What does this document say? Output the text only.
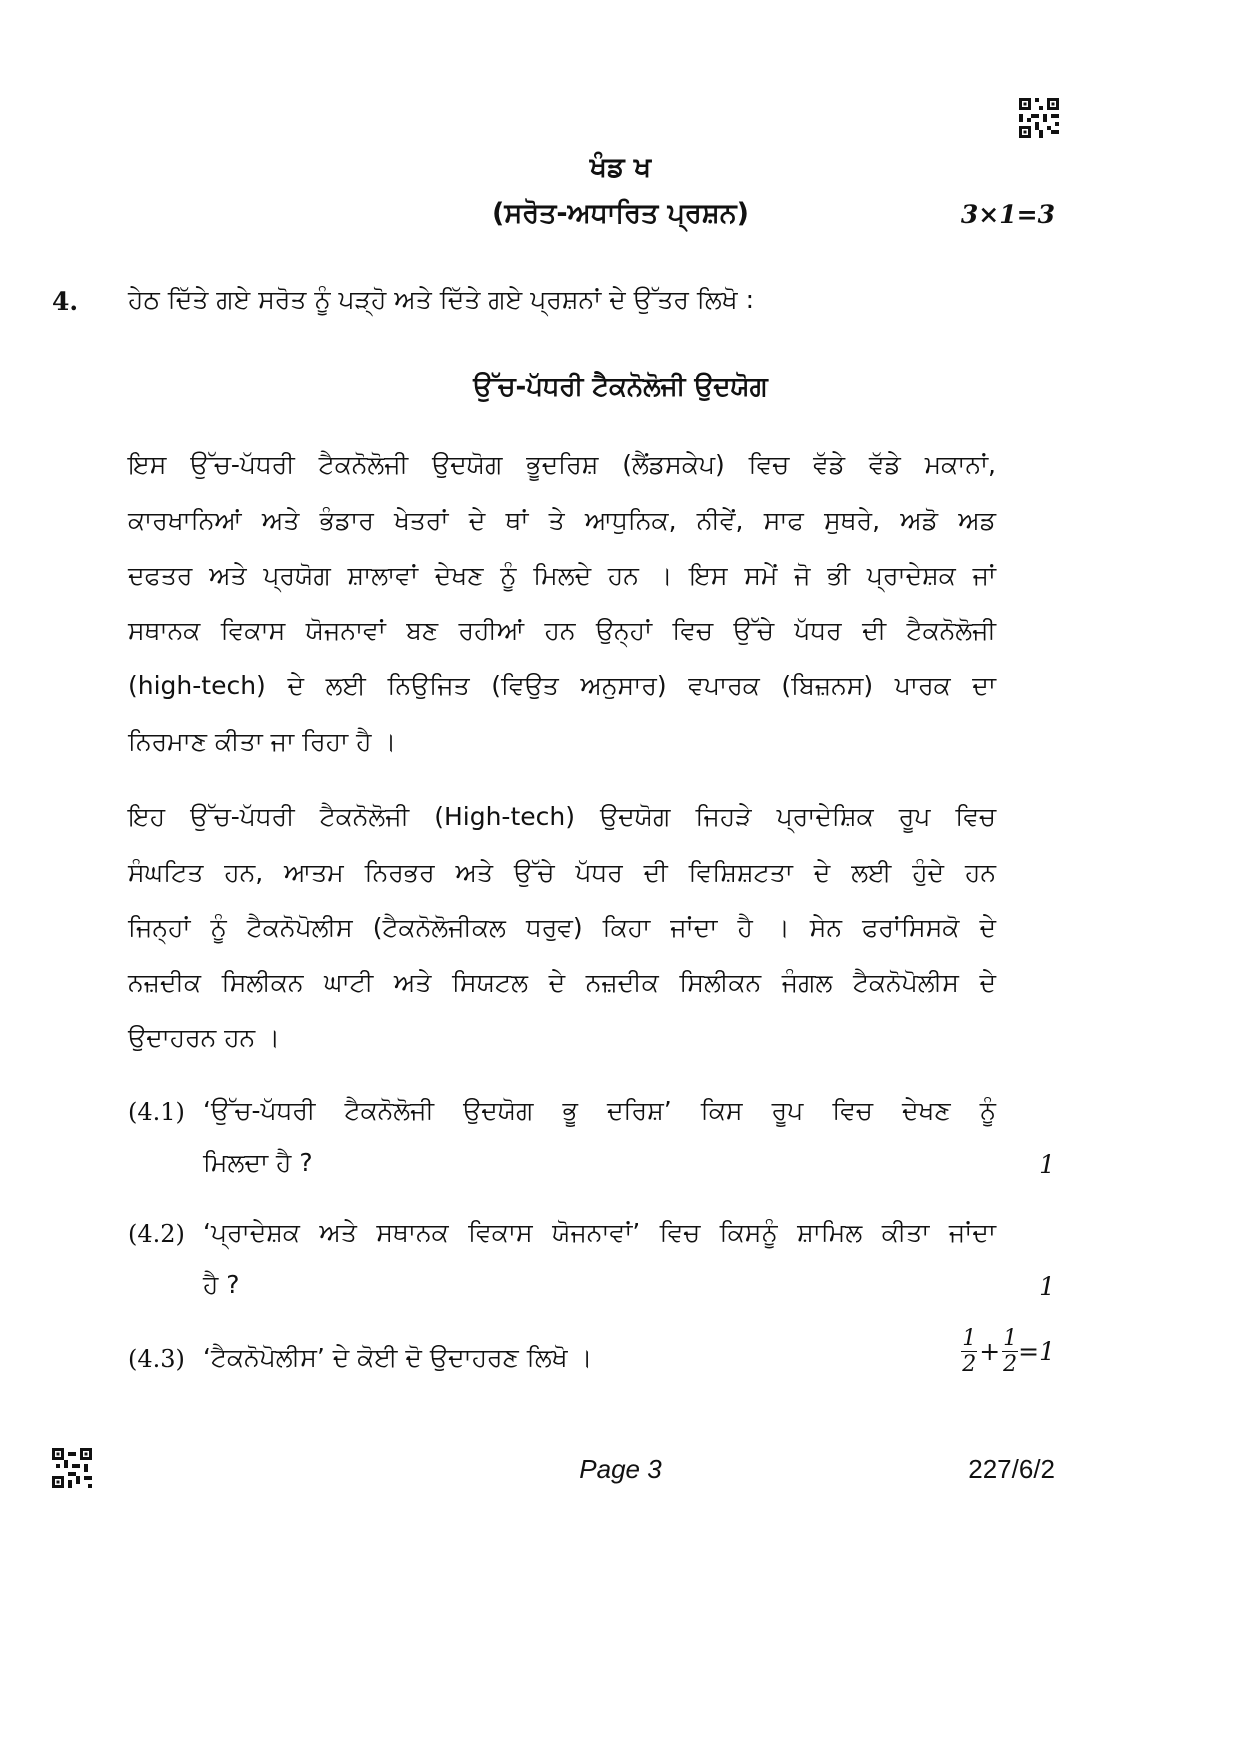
ਖੰਡ ਖ
(ਸਰੋਤ-ਅਧਾਰਿਤ ਪ੍ਰਸ਼ਨ)	3×1=3
4. ਹੇਠ ਦਿੱਤੇ ਗਏ ਸਰੋਤ ਨੂੰ ਪੜ੍ਹੋ ਅਤੇ ਦਿੱਤੇ ਗਏ ਪ੍ਰਸ਼ਨਾਂ ਦੇ ਉੱਤਰ ਲਿਖੋ :
ਉੱਚ-ਪੱਧਰੀ ਟੈਕਨੋਲੋਜੀ ਉਦਯੋਗ
ਇਸ ਉੱਚ-ਪੱਧਰੀ ਟੈਕਨੋਲੋਜੀ ਉਦਯੋਗ ਭੂਦਰਿਸ਼ (ਲੈਂਡਸਕੇਪ) ਵਿਚ ਵੱਡੇ ਵੱਡੇ ਮਕਾਨਾਂ,
ਕਾਰਖਾਨਿਆਂ ਅਤੇ ਭੰਡਾਰ ਖੇਤਰਾਂ ਦੇ ਥਾਂ ਤੇ ਆਧੁਨਿਕ, ਨੀਵੇਂ, ਸਾਫ ਸੁਥਰੇ, ਅਡੋ ਅਡ
ਦਫਤਰ ਅਤੇ ਪ੍ਰਯੋਗ ਸ਼ਾਲਾਵਾਂ ਦੇਖਣ ਨੂੰ ਮਿਲਦੇ ਹਨ । ਇਸ ਸਮੇਂ ਜੋ ਭੀ ਪ੍ਰਾਦੇਸ਼ਕ ਜਾਂ
ਸਥਾਨਕ ਵਿਕਾਸ ਯੋਜਨਾਵਾਂ ਬਣ ਰਹੀਆਂ ਹਨ ਉਨ੍ਹਾਂ ਵਿਚ ਉੱਚੇ ਪੱਧਰ ਦੀ ਟੈਕਨੋਲੋਜੀ
(high-tech) ਦੇ ਲਈ ਨਿਉਜਿਤ (ਵਿਉਤ ਅਨੁਸਾਰ) ਵਪਾਰਕ (ਬਿਜ਼ਨਸ) ਪਾਰਕ ਦਾ
ਨਿਰਮਾਣ ਕੀਤਾ ਜਾ ਰਿਹਾ ਹੈ ।
ਇਹ ਉੱਚ-ਪੱਧਰੀ ਟੈਕਨੋਲੋਜੀ (High-tech) ਉਦਯੋਗ ਜਿਹੜੇ ਪ੍ਰਾਦੇਸ਼ਿਕ ਰੂਪ ਵਿਚ
ਸੰਘਟਿਤ ਹਨ, ਆਤਮ ਨਿਰਭਰ ਅਤੇ ਉੱਚੇ ਪੱਧਰ ਦੀ ਵਿਸ਼ਿਸ਼ਟਤਾ ਦੇ ਲਈ ਹੁੰਦੇ ਹਨ
ਜਿਨ੍ਹਾਂ ਨੂੰ ਟੈਕਨੋਪੋਲੀਸ (ਟੈਕਨੋਲੋਜੀਕਲ ਧਰੁਵ) ਕਿਹਾ ਜਾਂਦਾ ਹੈ । ਸੇਨ ਫਰਾਂਸਿਸਕੋ ਦੇ
ਨਜ਼ਦੀਕ ਸਿਲੀਕਨ ਘਾਟੀ ਅਤੇ ਸਿਯਟਲ ਦੇ ਨਜ਼ਦੀਕ ਸਿਲੀਕਨ ਜੰਗਲ ਟੈਕਨੋਪੋਲੀਸ ਦੇ
ਉਦਾਹਰਨ ਹਨ ।
(4.1) ‘ਉੱਚ-ਪੱਧਰੀ ਟੈਕਨੋਲੋਜੀ ਉਦਯੋਗ ਭੂ ਦਰਿਸ਼’ ਕਿਸ ਰੂਪ ਵਿਚ ਦੇਖਣ ਨੂੰ
ਮਿਲਦਾ ਹੈ ?	1
(4.2) ‘ਪ੍ਰਾਦੇਸ਼ਕ ਅਤੇ ਸਥਾਨਕ ਵਿਕਾਸ ਯੋਜਨਾਵਾਂ’ ਵਿਚ ਕਿਸਨੂੰ ਸ਼ਾਮਿਲ ਕੀਤਾ ਜਾਂਦਾ
ਹੈ ?	1
(4.3) ‘ਟੈਕਨੋਪੋਲੀਸ’ ਦੇ ਕੋਈ ਦੋ ਉਦਾਹਰਣ ਲਿਖੋ ।	$\frac{1}{2} + \frac{1}{2} =1$
Page 3	227/6/2
